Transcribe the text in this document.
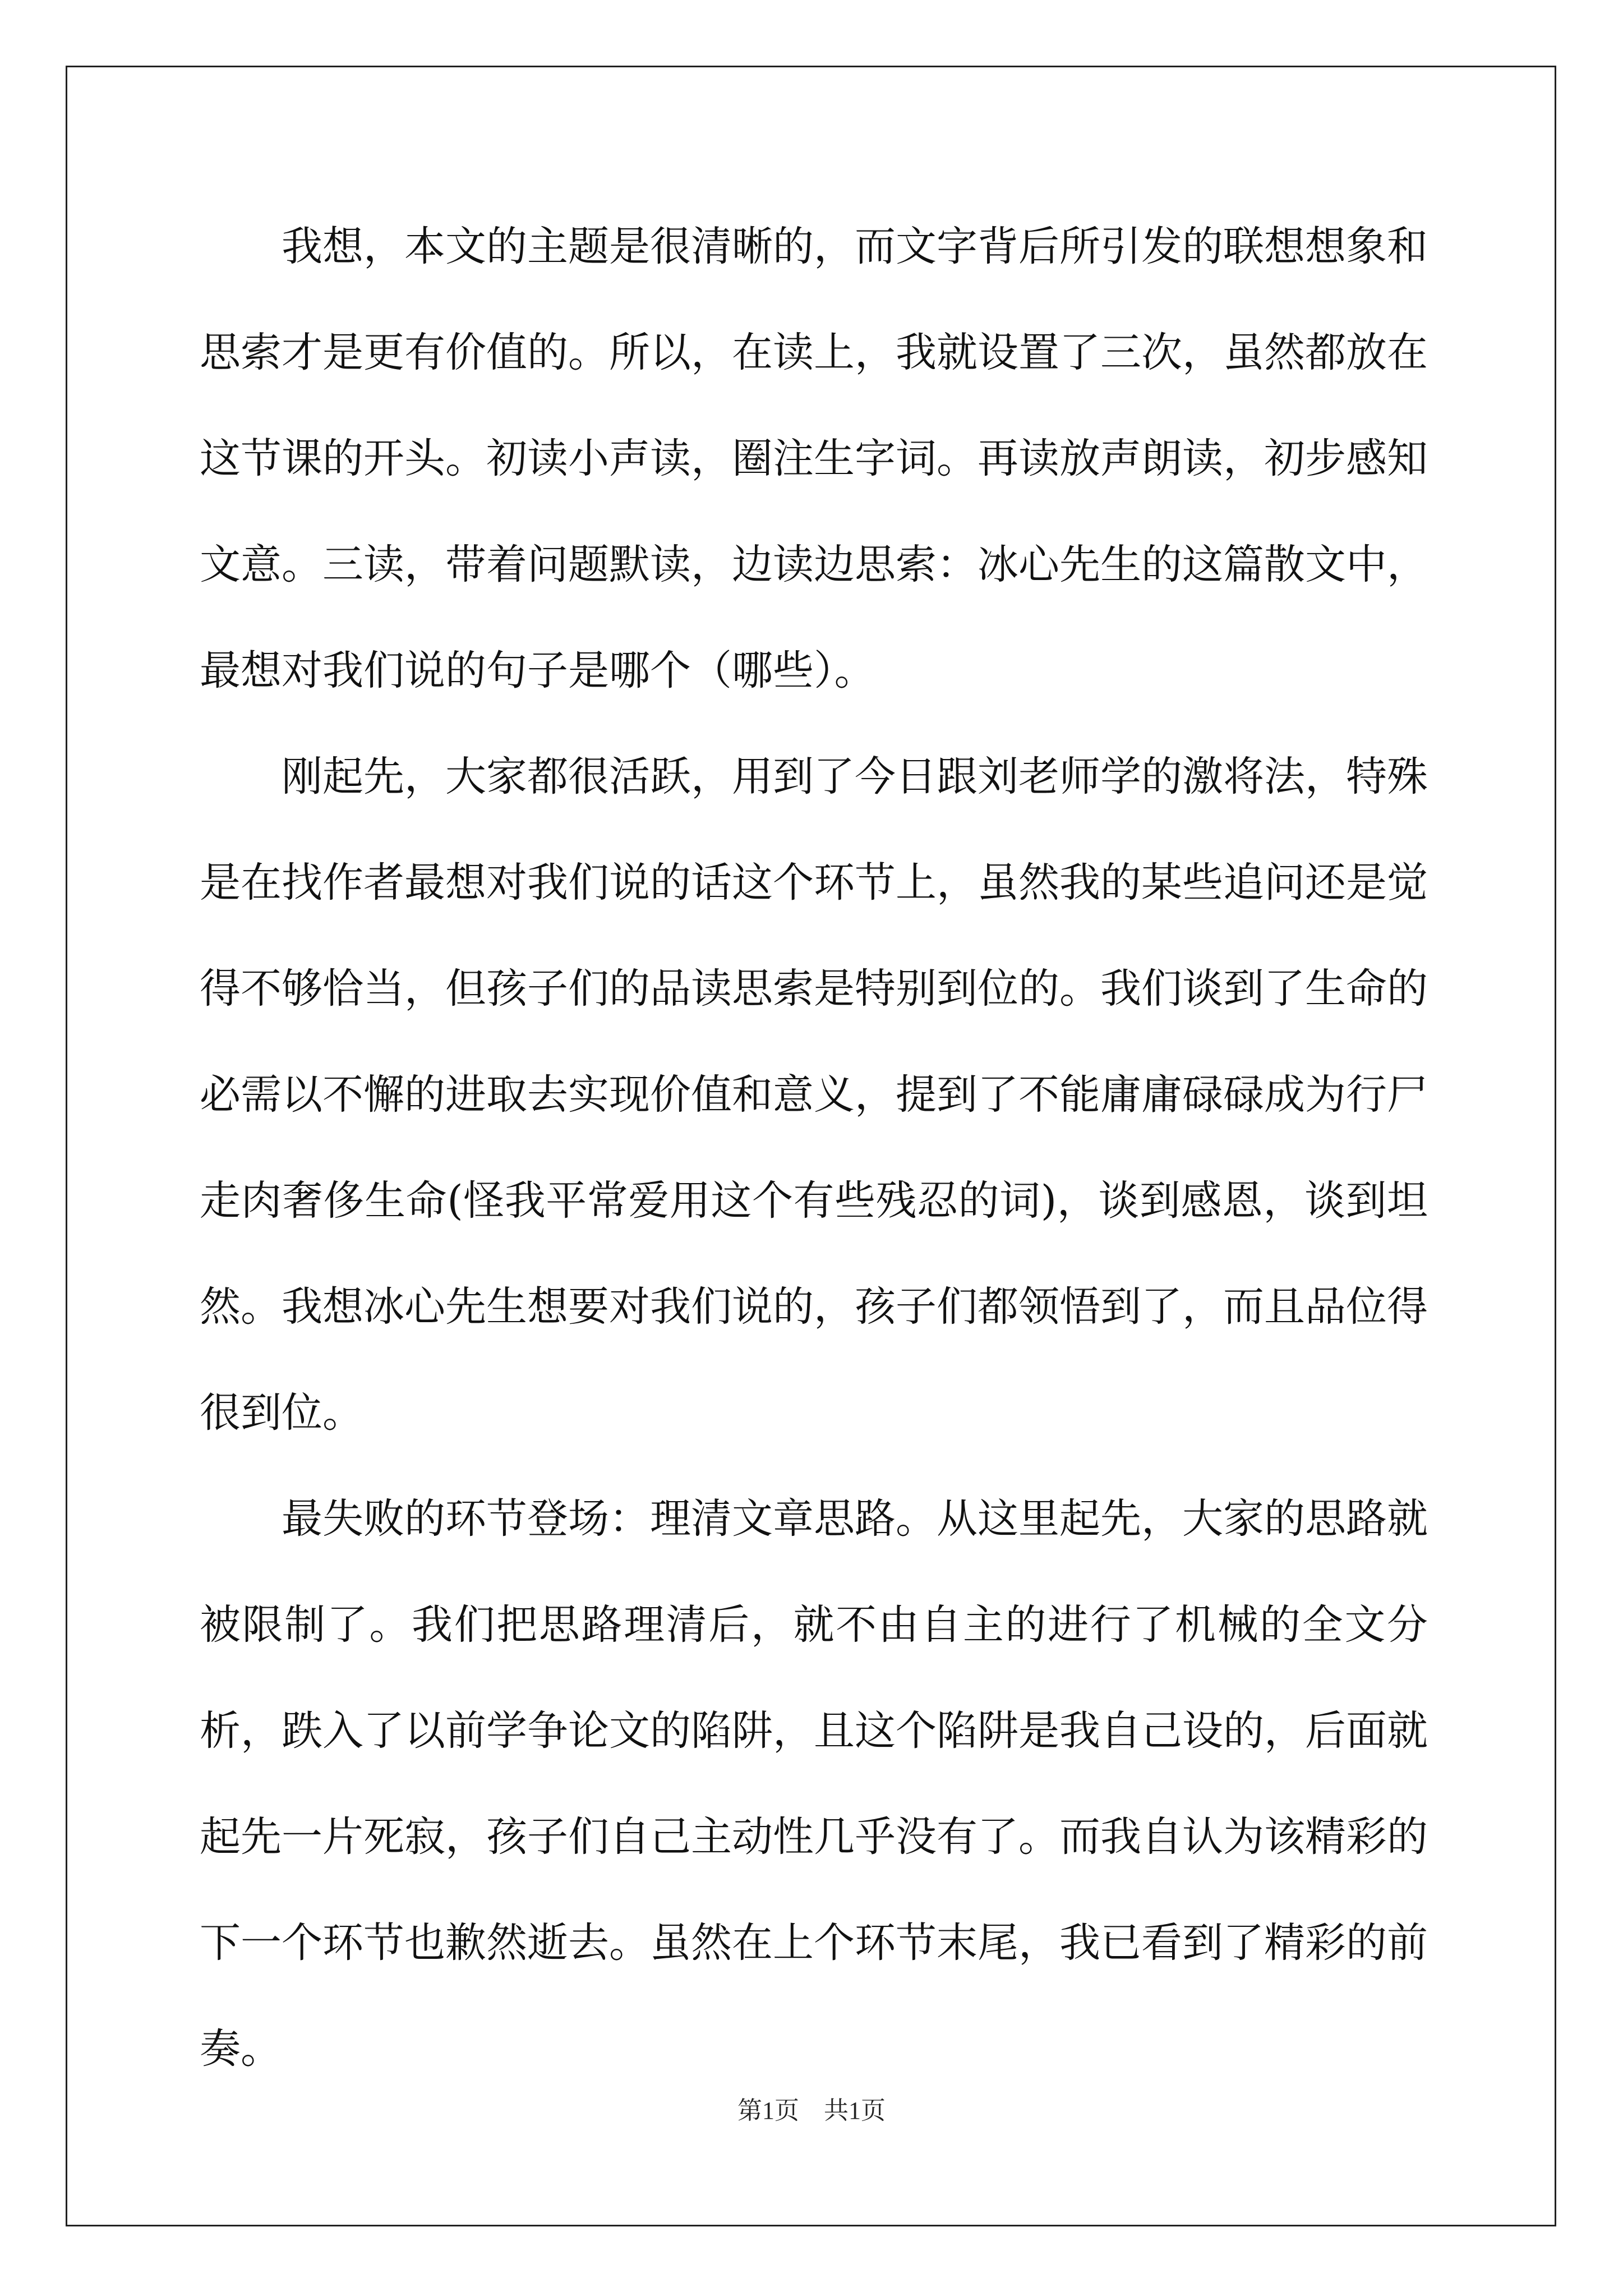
我想，本文的主题是很清晰的，而文字背后所引发的联想想象和思索才是更有价值的。所以，在读上，我就设置了三次，虽然都放在这节课的开头。初读小声读，圈注生字词。再读放声朗读，初步感知文意。三读，带着问题默读，边读边思索：冰心先生的这篇散文中，最想对我们说的句子是哪个（哪些）。

刚起先，大家都很活跃，用到了今日跟刘老师学的激将法，特殊是在找作者最想对我们说的话这个环节上，虽然我的某些追问还是觉得不够恰当，但孩子们的品读思索是特别到位的。我们谈到了生命的必需以不懈的进取去实现价值和意义，提到了不能庸庸碌碌成为行尸走肉奢侈生命(怪我平常爱用这个有些残忍的词)，谈到感恩，谈到坦然。我想冰心先生想要对我们说的，孩子们都领悟到了，而且品位得很到位。

最失败的环节登场：理清文章思路。从这里起先，大家的思路就被限制了。我们把思路理清后，就不由自主的进行了机械的全文分析，跌入了以前学争论文的陷阱，且这个陷阱是我自己设的，后面就起先一片死寂，孩子们自己主动性几乎没有了。而我自认为该精彩的下一个环节也歉然逝去。虽然在上个环节末尾，我已看到了精彩的前奏。

第1页　共1页
